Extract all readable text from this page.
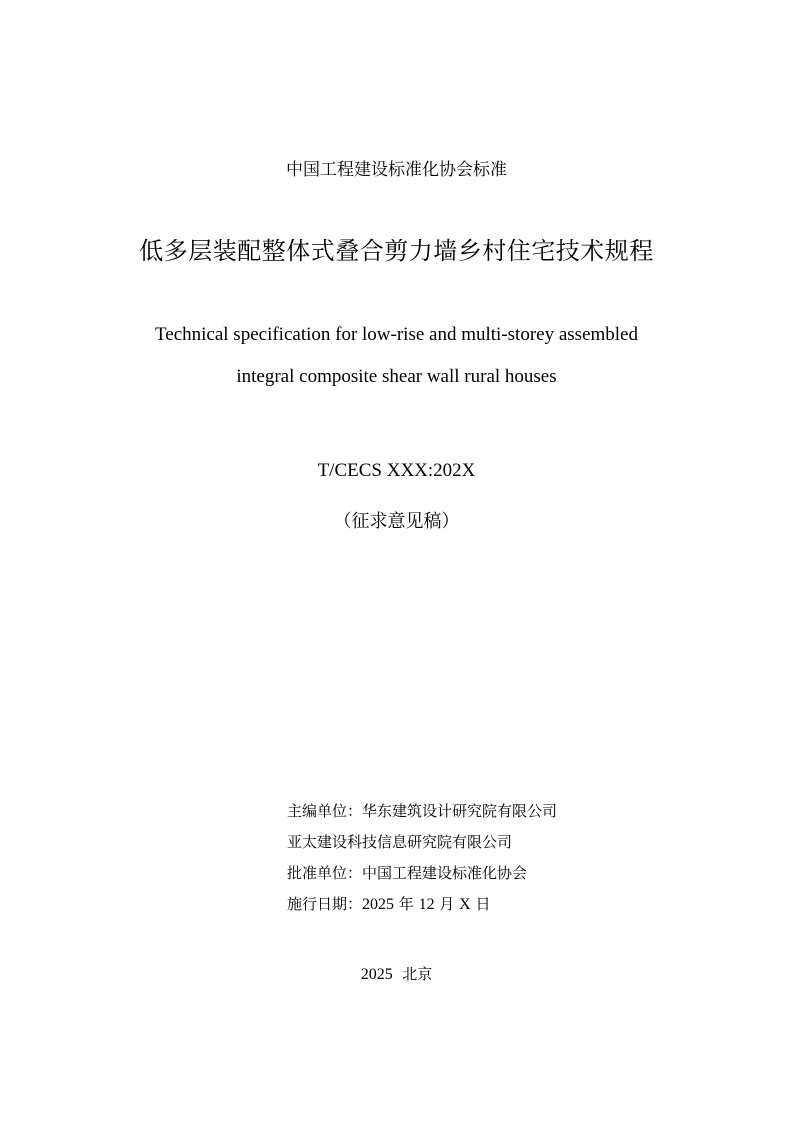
中国工程建设标准化协会标准
低多层装配整体式叠合剪力墙乡村住宅技术规程
Technical specification for low-rise and multi-storey assembled
integral composite shear wall rural houses
T/CECS XXX:202X
（征求意见稿）
主编单位：华东建筑设计研究院有限公司
亚太建设科技信息研究院有限公司
批准单位：中国工程建设标准化协会
施行日期：2025 年 12 月 X 日
2025 北京
